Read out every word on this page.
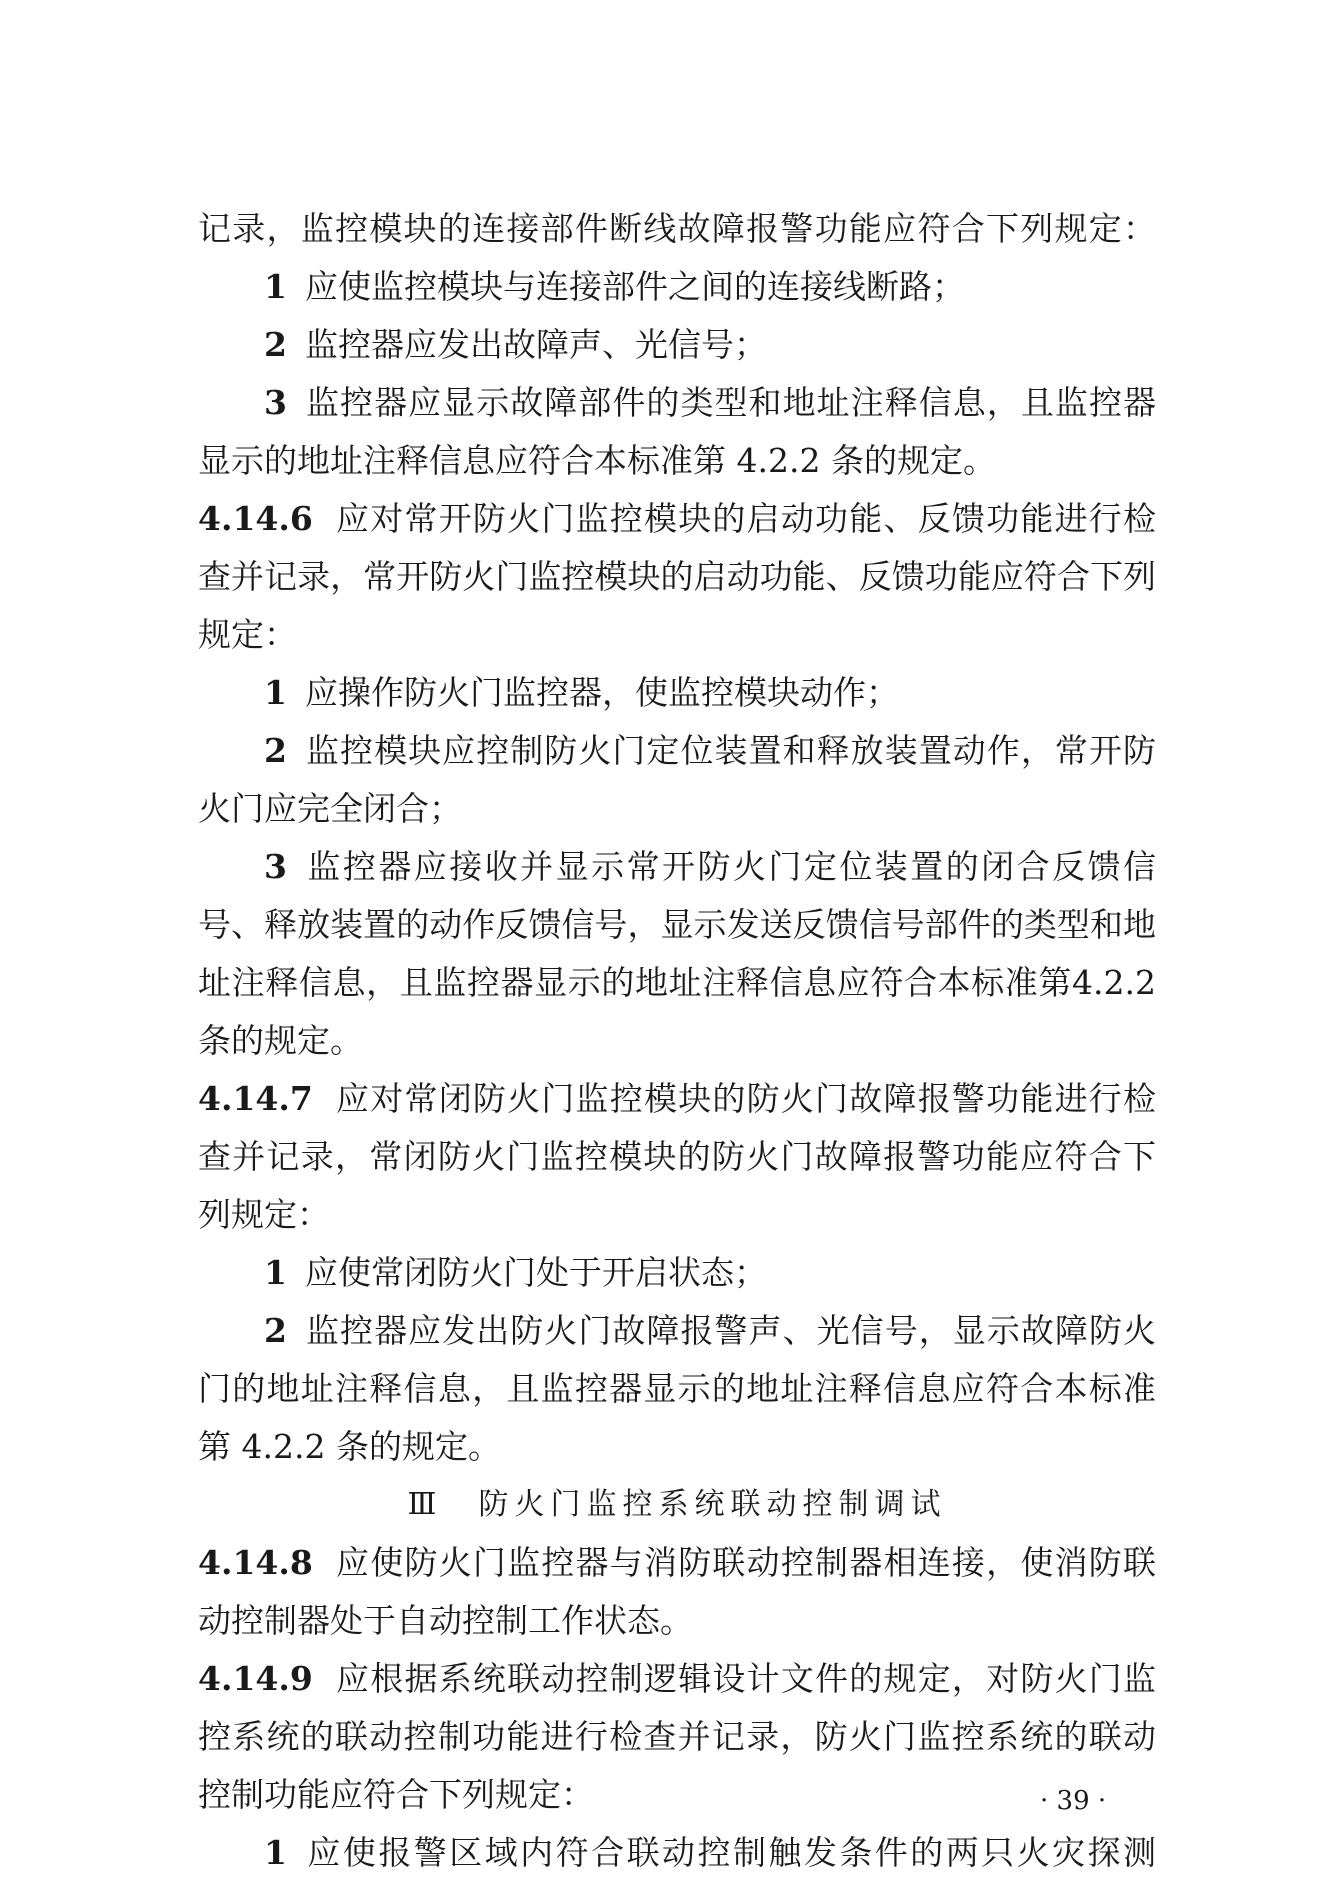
记录，监控模块的连接部件断线故障报警功能应符合下列规定：
1 应使监控模块与连接部件之间的连接线断路；
2 监控器应发出故障声、光信号；
3 监控器应显示故障部件的类型和地址注释信息，且监控器
显示的地址注释信息应符合本标准第 4.2.2 条的规定。
4.14.6 应对常开防火门监控模块的启动功能、反馈功能进行检
查并记录，常开防火门监控模块的启动功能、反馈功能应符合下列
规定：
1 应操作防火门监控器，使监控模块动作；
2 监控模块应控制防火门定位装置和释放装置动作，常开防
火门应完全闭合；
3 监控器应接收并显示常开防火门定位装置的闭合反馈信
号、释放装置的动作反馈信号，显示发送反馈信号部件的类型和地
址注释信息，且监控器显示的地址注释信息应符合本标准第4.2.2
条的规定。
4.14.7 应对常闭防火门监控模块的防火门故障报警功能进行检
查并记录，常闭防火门监控模块的防火门故障报警功能应符合下
列规定：
1 应使常闭防火门处于开启状态；
2 监控器应发出防火门故障报警声、光信号，显示故障防火
门的地址注释信息，且监控器显示的地址注释信息应符合本标准
第 4.2.2 条的规定。
Ⅲ　防火门监控系统联动控制调试
4.14.8 应使防火门监控器与消防联动控制器相连接，使消防联
动控制器处于自动控制工作状态。
4.14.9 应根据系统联动控制逻辑设计文件的规定，对防火门监
控系统的联动控制功能进行检查并记录，防火门监控系统的联动
控制功能应符合下列规定：
1 应使报警区域内符合联动控制触发条件的两只火灾探测
· 39 ·
